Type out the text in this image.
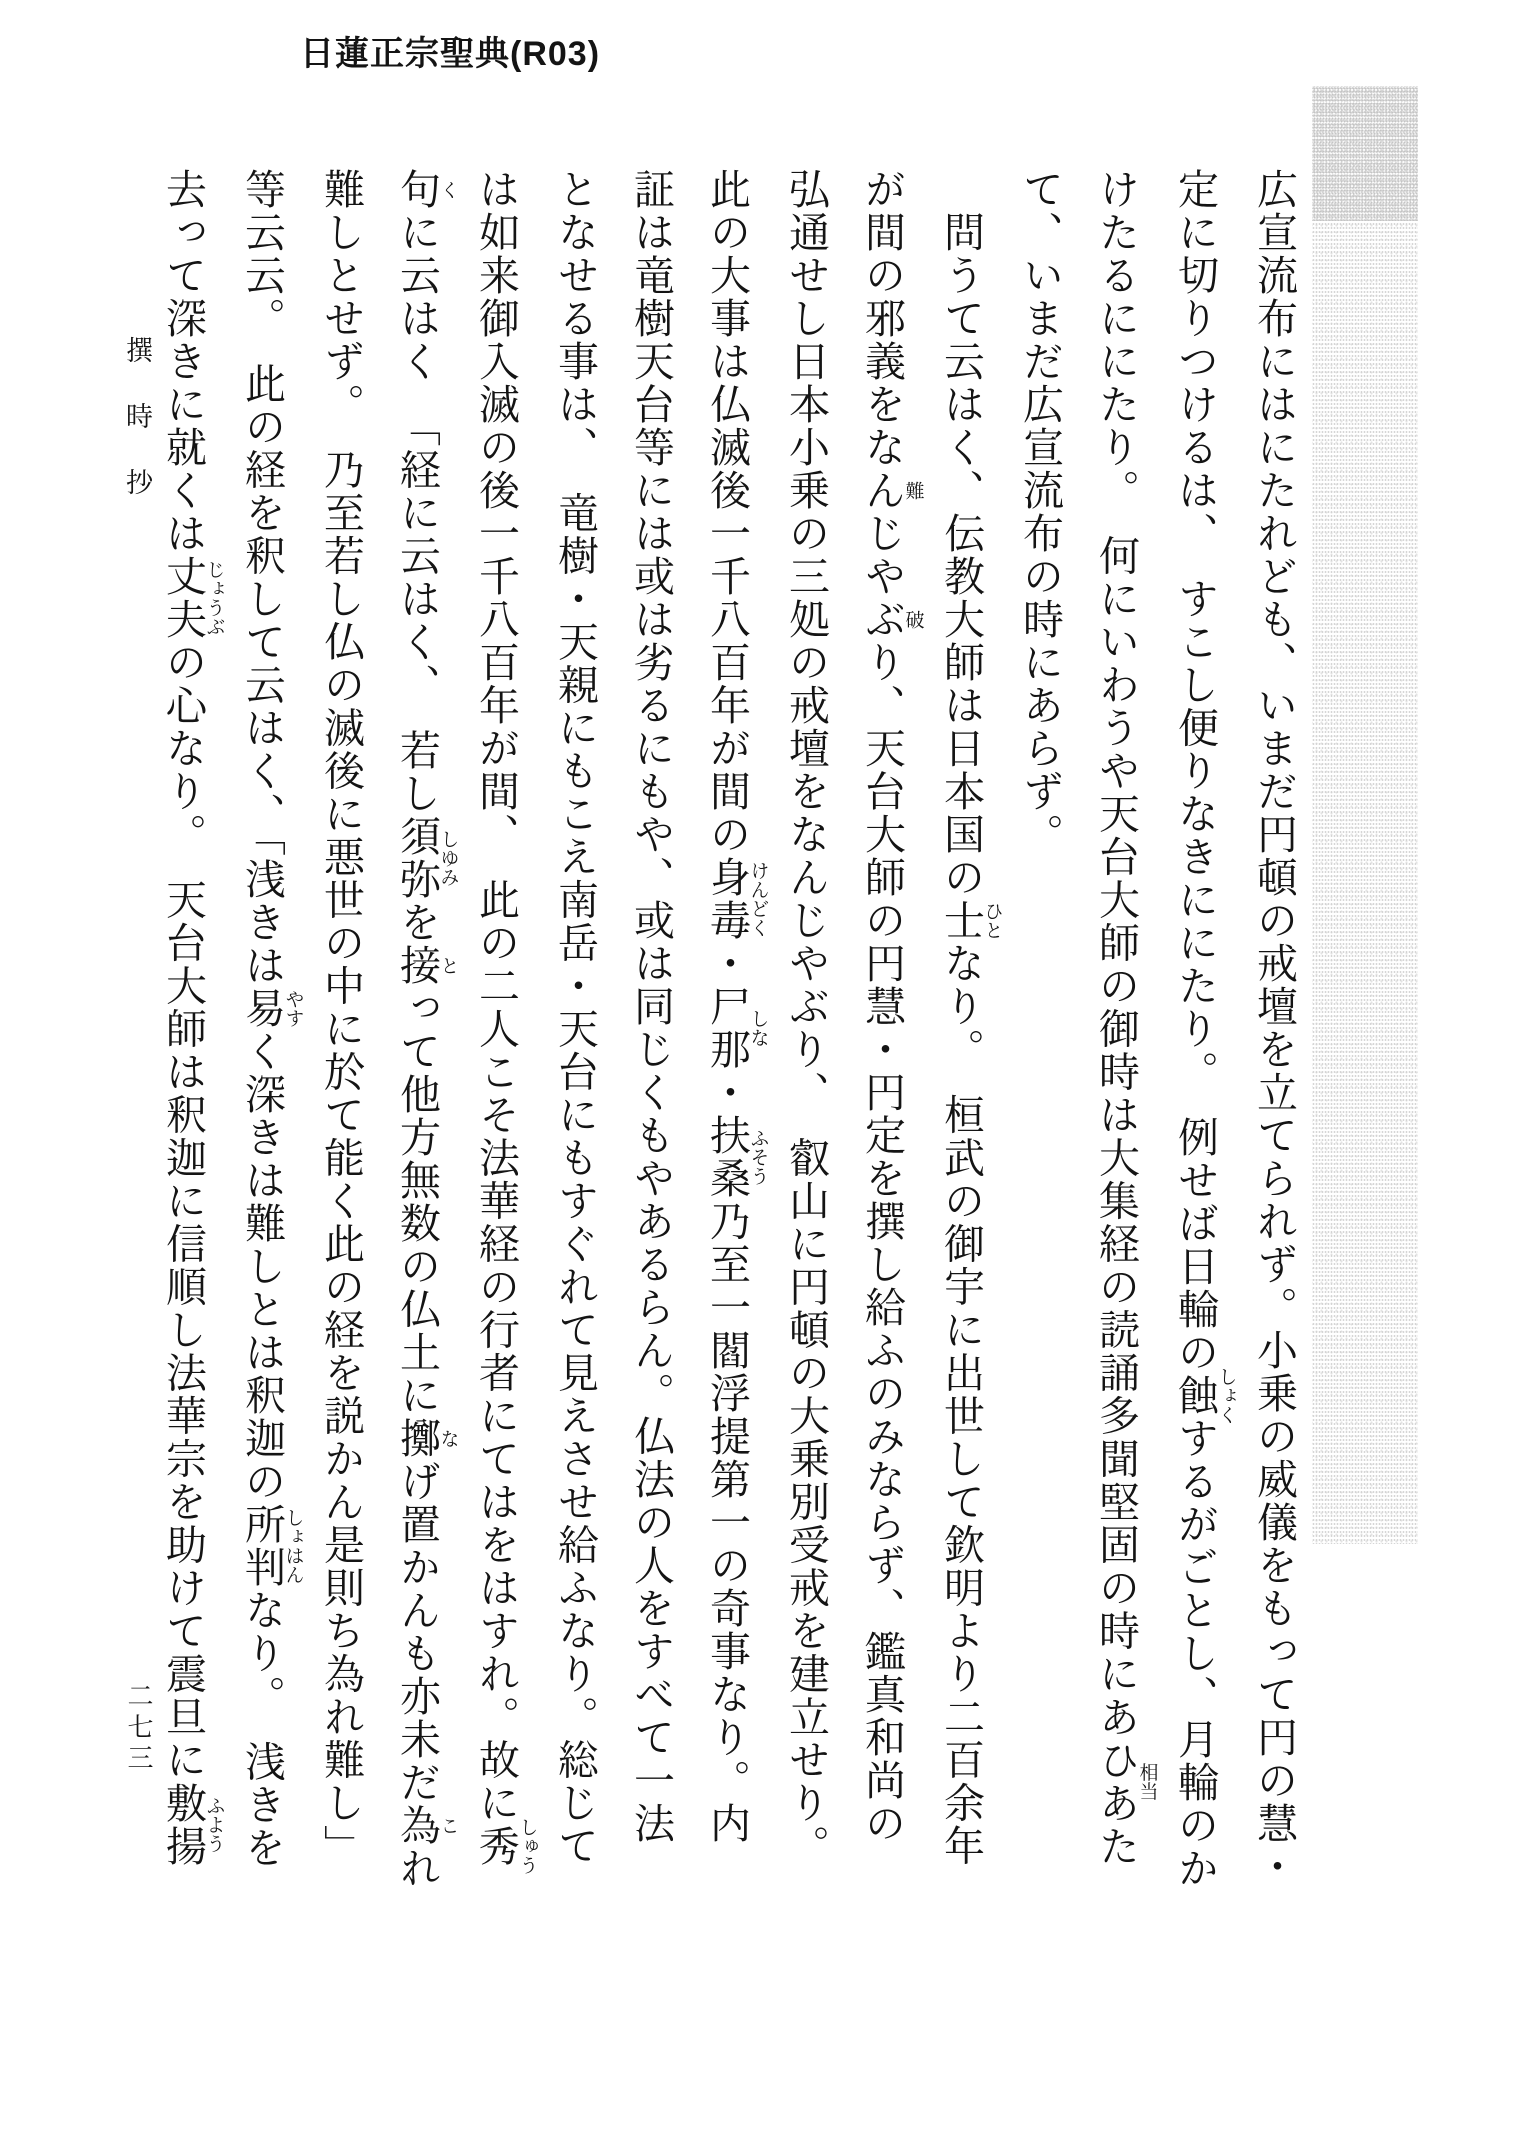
日蓮正宗聖典(R03)
撰　時　抄	広宣流布にはにたれども、いまだ円頓の戒壇を立てられず。小乗の威儀をもって円の慧・
定に切りつけるは、　すこし便りなきににたり。　例せば日輪の蝕しょくするがごとし、月輪のか
けたるににたり。　何にいわうや天台大師の御時は大集経の読誦多聞堅固の時にあひあた相当
て、いまだ広宣流布の時にあらず。
　問うて云はく、伝教大師は日本国の士ひとなり。　桓武の御宇に出世して欽明より二百余年
が間の邪義をなんじ難やぶり破、天台大師の円慧・円定を撰し給ふのみならず、鑑真和尚の
弘通せし日本小乗の三処の戒壇をなんじやぶり、　叡山に円頓の大乗別受戒を建立せり。
此の大事は仏滅後一千八百年が間の身毒けんどく・尸那しな・扶桑ふそう乃至一閻浮提第一の奇事なり。内
証は竜樹天台等には或は劣るにもや、或は同じくもやあるらん。仏法の人をすべて一法
となせる事は、　竜樹・天親にもこえ南岳・天台にもすぐれて見えさせ給ふなり。総じて
は如来御入滅の後一千八百年が間、　此の二人こそ法華経の行者にてはをはすれ。故に秀しゅう
句くに云はく　「経に云はく、　若し須弥しゆみを接とって他方無数の仏土に擲なげ置かんも亦未だ為これ
難しとせず。　乃至若し仏の滅後に悪世の中に於て能く此の経を説かん是則ち為れ難し」
等云云。　此の経を釈して云はく、「浅きは易やすく深きは難しとは釈迦の所判しょはんなり。　浅きを
去って深きに就くは丈夫じょうぶの心なり。　天台大師は釈迦に信順し法華宗を助けて震旦に敷揚ふよう
二七三
